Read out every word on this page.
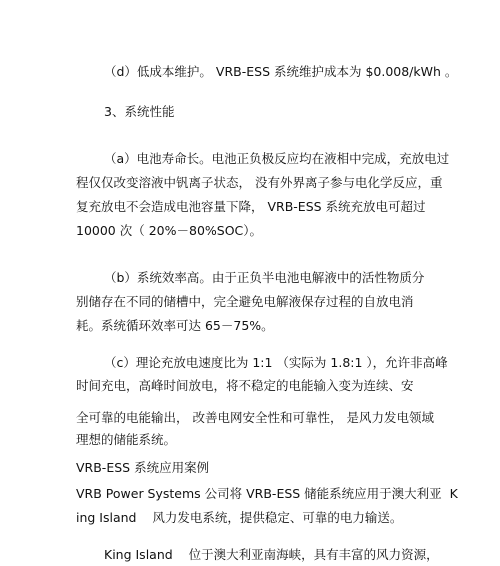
（d）低成本维护。 VRB-ESS 系统维护成本为 $0.008/kWh 。
3、系统性能
（a）电池寿命长。电池正负极反应均在液相中完成，充放电过
程仅仅改变溶液中钒离子状态， 没有外界离子参与电化学反应，重
复充放电不会造成电池容量下降， VRB-ESS 系统充放电可超过
10000 次（ 20%－80%SOC）。
（b）系统效率高。由于正负半电池电解液中的活性物质分
别储存在不同的储槽中，完全避免电解液保存过程的自放电消
耗。系统循环效率可达 65－75%。
（c）理论充放电速度比为 1:1 （实际为 1.8:1 ），允许非高峰
时间充电，高峰时间放电，将不稳定的电能输入变为连续、安
全可靠的电能输出， 改善电网安全性和可靠性， 是风力发电领域
理想的储能系统。
VRB-ESS 系统应用案例
VRB Power Systems 公司将 VRB-ESS 储能系统应用于澳大利亚  K
ing Island    风力发电系统，提供稳定、可靠的电力输送。
King Island    位于澳大利亚南海峡，具有丰富的风力资源，
